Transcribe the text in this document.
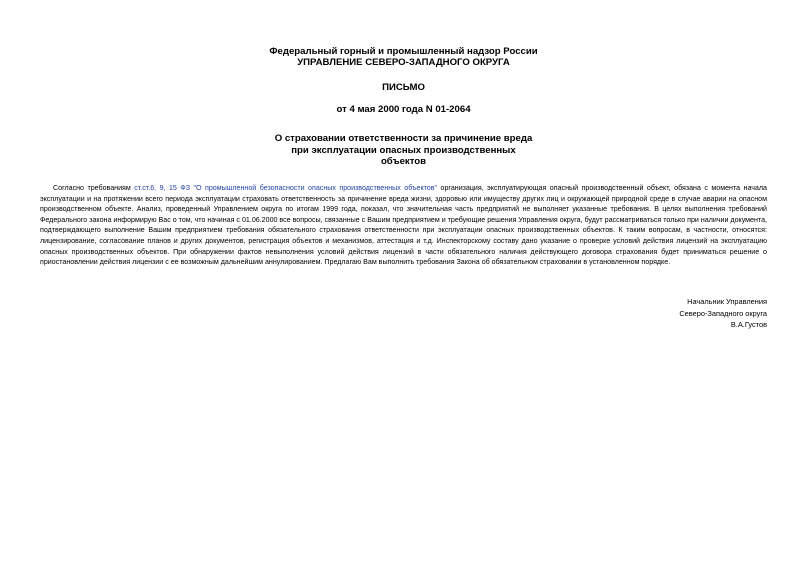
Федеральный горный и промышленный надзор России
УПРАВЛЕНИЕ СЕВЕРО-ЗАПАДНОГО ОКРУГА
ПИСЬМО
от 4 мая 2000 года N 01-2064
О страховании ответственности за причинение вреда
при эксплуатации опасных производственных
объектов

Согласно требованиям ст.ст.6, 9, 15 ФЗ "О промышленной безопасности опасных производственных объектов" организация, эксплуатирующая опасный производственный объект, обязана с момента начала эксплуатации и на протяжении всего периода эксплуатации страховать ответственность за причинение вреда жизни, здоровью или имуществу других лиц и окружающей природной среде в случае аварии на опасном производственном объекте. Анализ, проведенный Управлением округа по итогам 1999 года, показал, что значительная часть предприятий не выполняет указанные требования. В целях выполнения требований Федерального закона информирую Вас о том, что начиная с 01.06.2000 все вопросы, связанные с Вашим предприятием и требующие решения Управления округа, будут рассматриваться только при наличии документа, подтверждающего выполнение Вашим предприятием требования обязательного страхования ответственности при эксплуатации опасных производственных объектов. К таким вопросам, в частности, относятся: лицензирование, согласование планов и других документов, регистрация объектов и механизмов, аттестация и т.д. Инспекторскому составу дано указание о проверке условий действия лицензий на эксплуатацию опасных производственных объектов. При обнаружении фактов невыполнения условий действия лицензий в части обязательного наличия действующего договора страхования будет приниматься решение о приостановлении действия лицензии с ее возможным дальнейшим аннулированием. Предлагаю Вам выполнить требования Закона об обязательном страховании в установленном порядке.

Начальник Управления
Северо-Западного округа
В.А.Густов
